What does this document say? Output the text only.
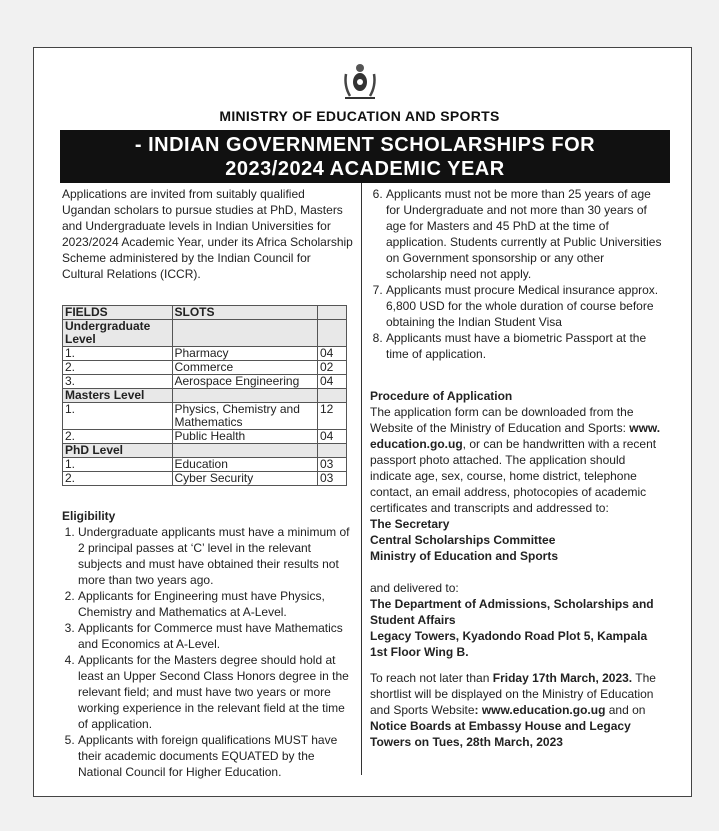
MINISTRY OF EDUCATION AND SPORTS
- INDIAN GOVERNMENT SCHOLARSHIPS FOR
2023/2024 ACADEMIC YEAR

Applications are invited from suitably qualified Ugandan scholars to pursue studies at PhD, Masters and Undergraduate levels in Indian Universities for 2023/2024 Academic Year, under its Africa Scholarship Scheme administered by the Indian Council for Cultural Relations (ICCR).

FIELDS	SLOTS	
Undergraduate Level		
1.	Pharmacy	04
2.	Commerce	02
3.	Aerospace Engineering	04
Masters Level		
1.	Physics, Chemistry and Mathematics	12
2.	Public Health	04
PhD Level		
1.	Education	03
2.	Cyber Security	03

Eligibility

1. Undergraduate applicants must have a minimum of 2 principal passes at ‘C’ level in the relevant subjects and must have obtained their results not more than two years ago.
2. Applicants for Engineering must have Physics, Chemistry and Mathematics at A-Level.
3. Applicants for Commerce must have Mathematics and Economics at A-Level.
4. Applicants for the Masters degree should hold at least an Upper Second Class Honors degree in the relevant field; and must have two years or more working experience in the relevant field at the time of application.
5. Applicants with foreign qualifications MUST have their academic documents EQUATED by the National Council for Higher Education.
6. Applicants must not be more than 25 years of age for Undergraduate and not more than 30 years of age for Masters and 45 PhD at the time of application. Students currently at Public Universities on Government sponsorship or any other scholarship need not apply.
7. Applicants must procure Medical insurance approx. 6,800 USD for the whole duration of course before obtaining the Indian Student Visa
8. Applicants must have a biometric Passport at the time of application.

Procedure of Application

The application form can be downloaded from the Website of the Ministry of Education and Sports: www. education.go.ug, or can be handwritten with a recent passport photo attached. The application should indicate age, sex, course, home district, telephone contact, an email address, photocopies of academic certificates and transcripts and addressed to:

The Secretary

Central Scholarships Committee

Ministry of Education and Sports

and delivered to:

The Department of Admissions, Scholarships and Student Affairs

Legacy Towers, Kyadondo Road Plot 5, Kampala

1st Floor Wing B.

To reach not later than Friday 17th March, 2023. The shortlist will be displayed on the Ministry of Education and Sports Website: www.education.go.ug and on Notice Boards at Embassy House and Legacy Towers on Tues, 28th March, 2023
